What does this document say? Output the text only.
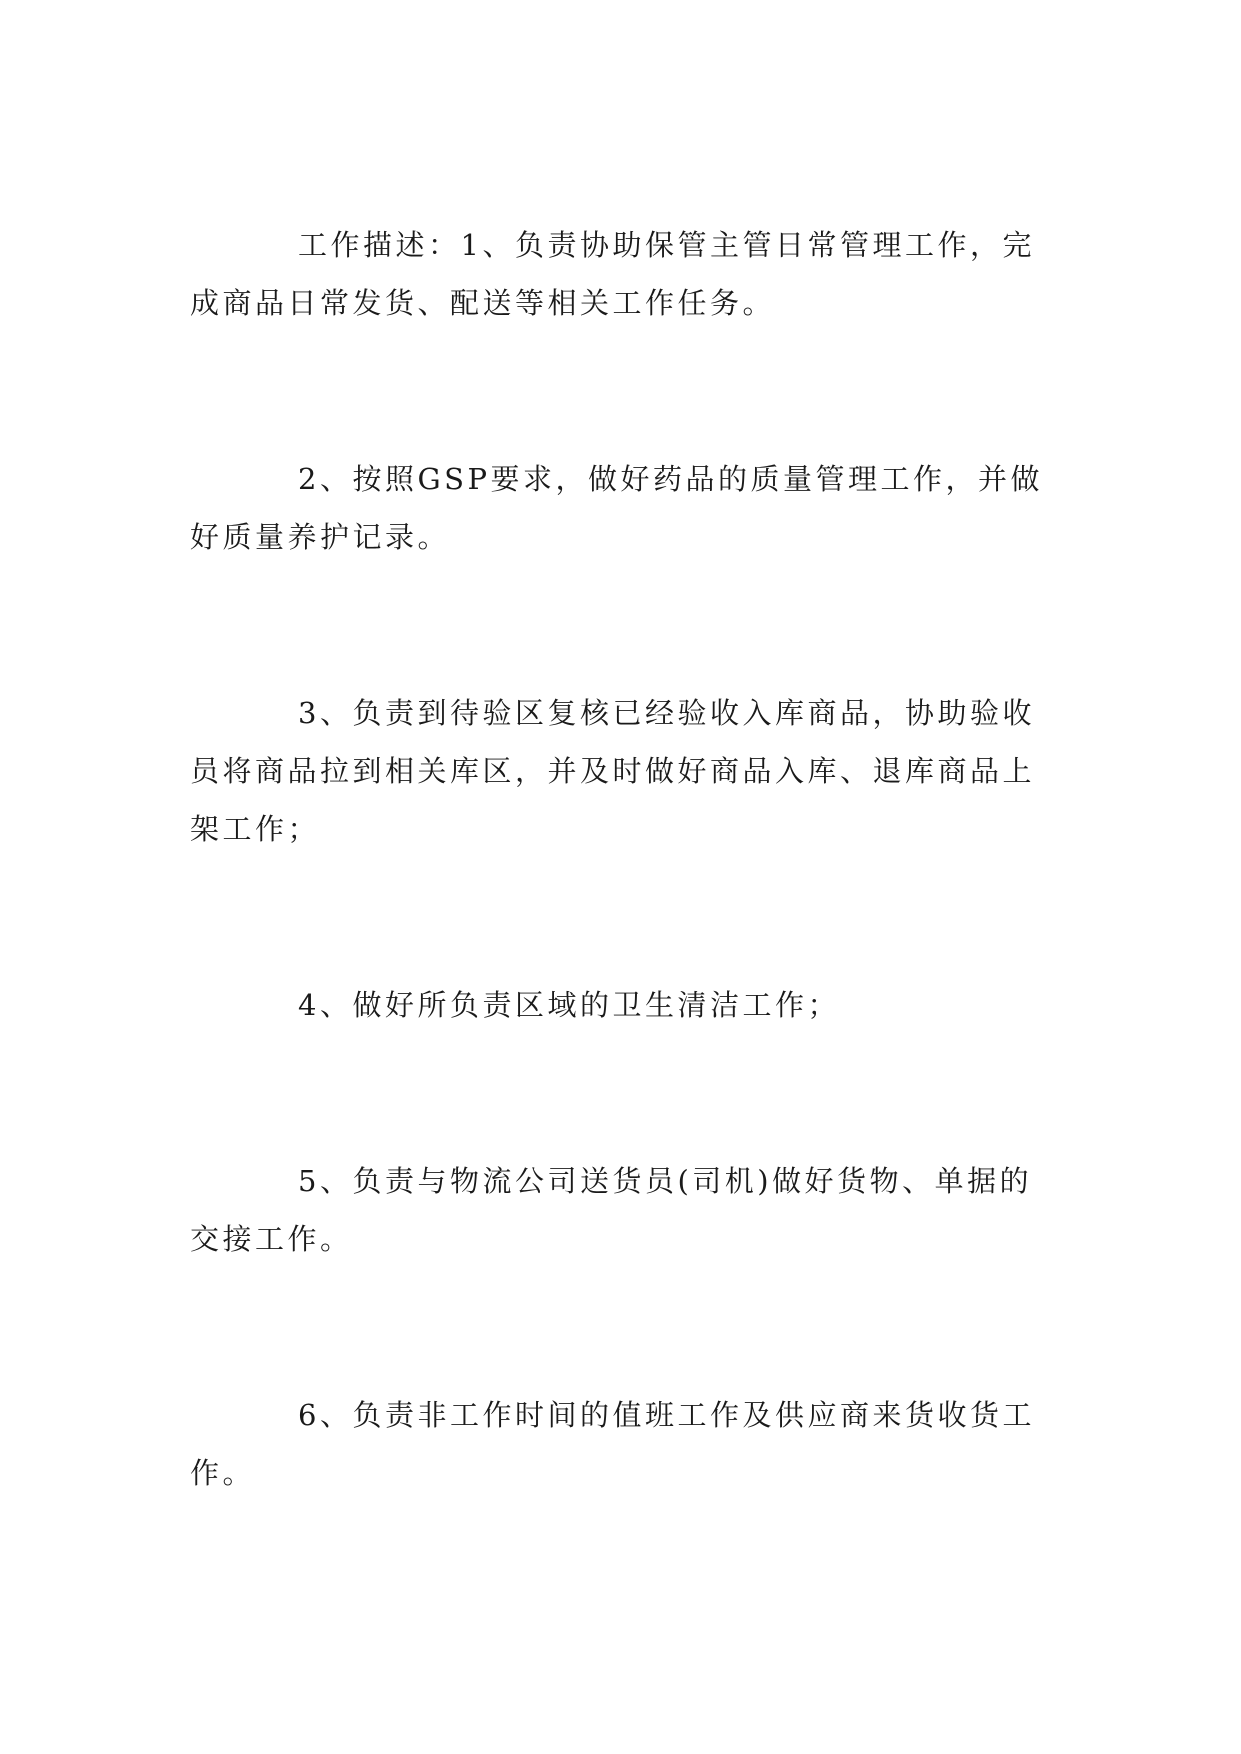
工作描述：1、负责协助保管主管日常管理工作，完成商品日常发货、配送等相关工作任务。

2、按照GSP要求，做好药品的质量管理工作，并做好质量养护记录。

3、负责到待验区复核已经验收入库商品，协助验收员将商品拉到相关库区，并及时做好商品入库、退库商品上架工作；

4、做好所负责区域的卫生清洁工作；

5、负责与物流公司送货员(司机)做好货物、单据的交接工作。

6、负责非工作时间的值班工作及供应商来货收货工作。
